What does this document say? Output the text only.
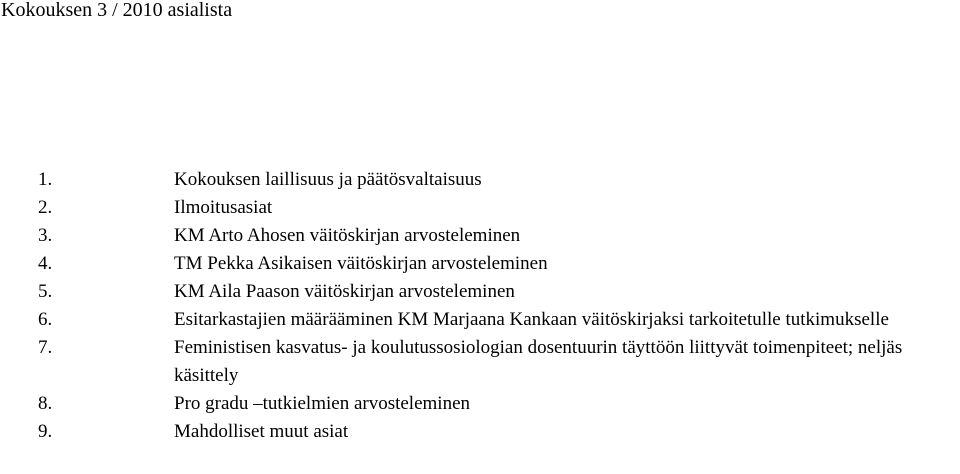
Kokouksen 3 / 2010 asialista
1.	Kokouksen laillisuus ja päätösvaltaisuus
2.	Ilmoitusasiat
3.	KM Arto Ahosen väitöskirjan arvosteleminen
4.	TM Pekka Asikaisen väitöskirjan arvosteleminen
5.	KM Aila Paason väitöskirjan arvosteleminen
6.	Esitarkastajien määrääminen KM Marjaana Kankaan väitöskirjaksi tarkoitetulle tutkimukselle
7.	Feministisen kasvatus- ja koulutussosiologian dosentuurin täyttöön liittyvät toimenpiteet; neljäs käsittely
8.	Pro gradu –tutkielmien arvosteleminen
9.	Mahdolliset muut asiat
